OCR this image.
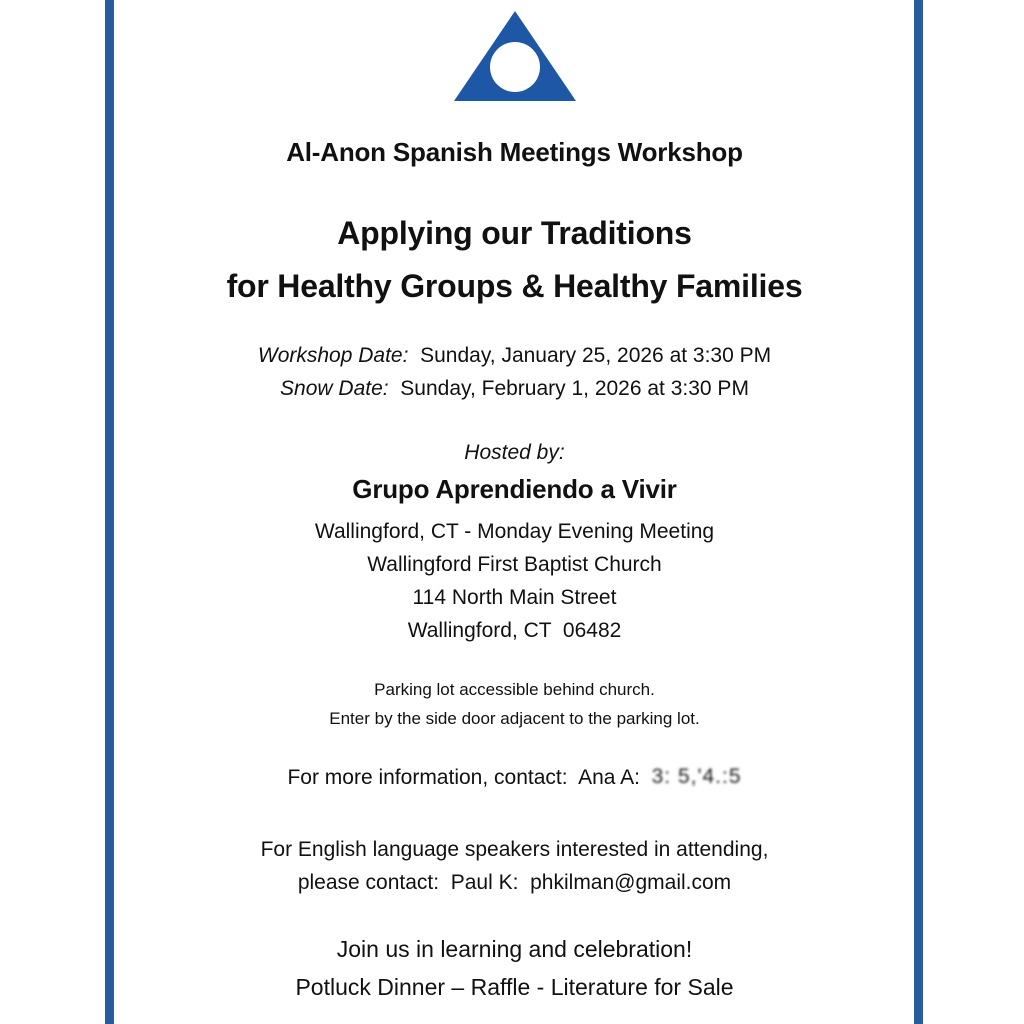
Al-Anon Spanish Meetings Workshop
Applying our Traditions
for Healthy Groups & Healthy Families
Workshop Date:  Sunday, January 25, 2026 at 3:30 PM
Snow Date:  Sunday, February 1, 2026 at 3:30 PM
Hosted by:
Grupo Aprendiendo a Vivir
Wallingford, CT - Monday Evening Meeting
Wallingford First Baptist Church
114 North Main Street
Wallingford, CT  06482
Parking lot accessible behind church.
Enter by the side door adjacent to the parking lot.
For more information, contact:  Ana A:  3: 5,'4.:5
For English language speakers interested in attending,
please contact:  Paul K:  phkilman@gmail.com
Join us in learning and celebration!
Potluck Dinner – Raffle - Literature for Sale
